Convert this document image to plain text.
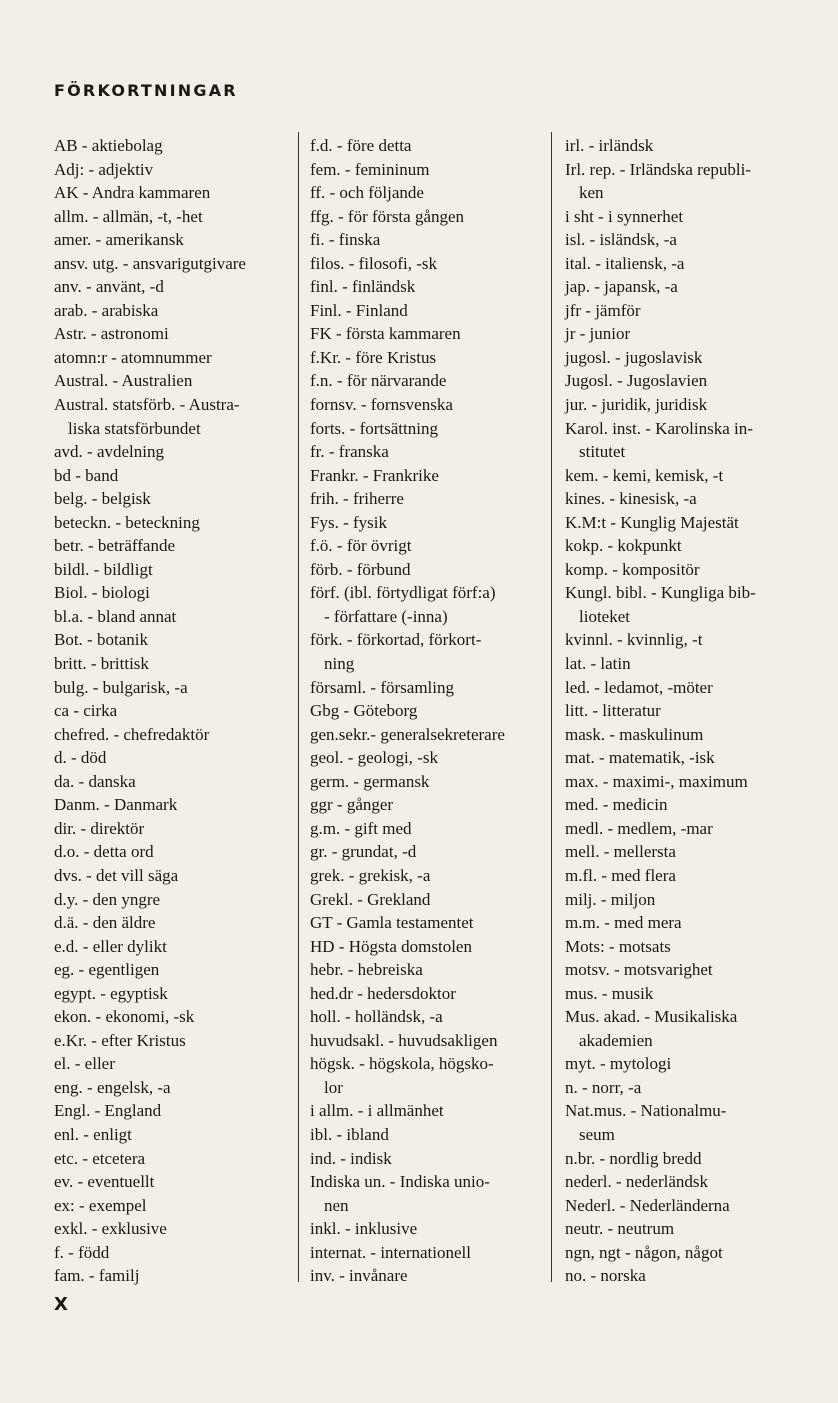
FÖRKORTNINGAR
AB - aktiebolag
Adj: - adjektiv
AK - Andra kammaren
allm. - allmän, -t, -het
amer. - amerikansk
ansv. utg. - ansvarigutgivare
anv. - använt, -d
arab. - arabiska
Astr. - astronomi
atomn:r - atomnummer
Austral. - Australien
Austral. statsförb. - Austra-
liska statsförbundet
avd. - avdelning
bd - band
belg. - belgisk
beteckn. - beteckning
betr. - beträffande
bildl. - bildligt
Biol. - biologi
bl.a. - bland annat
Bot. - botanik
britt. - brittisk
bulg. - bulgarisk, -a
ca - cirka
chefred. - chefredaktör
d. - död
da. - danska
Danm. - Danmark
dir. - direktör
d.o. - detta ord
dvs. - det vill säga
d.y. - den yngre
d.ä. - den äldre
e.d. - eller dylikt
eg. - egentligen
egypt. - egyptisk
ekon. - ekonomi, -sk
e.Kr. - efter Kristus
el. - eller
eng. - engelsk, -a
Engl. - England
enl. - enligt
etc. - etcetera
ev. - eventuellt
ex: - exempel
exkl. - exklusive
f. - född
fam. - familj
f.d. - före detta
fem. - femininum
ff. - och följande
ffg. - för första gången
fi. - finska
filos. - filosofi, -sk
finl. - finländsk
Finl. - Finland
FK - första kammaren
f.Kr. - före Kristus
f.n. - för närvarande
fornsv. - fornsvenska
forts. - fortsättning
fr. - franska
Frankr. - Frankrike
frih. - friherre
Fys. - fysik
f.ö. - för övrigt
förb. - förbund
förf. (ibl. förtydligat förf:a)
- författare (-inna)
förk. - förkortad, förkort-
ning
församl. - församling
Gbg - Göteborg
gen.sekr.- generalsekreterare
geol. - geologi, -sk
germ. - germansk
ggr - gånger
g.m. - gift med
gr. - grundat, -d
grek. - grekisk, -a
Grekl. - Grekland
GT - Gamla testamentet
HD - Högsta domstolen
hebr. - hebreiska
hed.dr - hedersdoktor
holl. - holländsk, -a
huvudsakl. - huvudsakligen
högsk. - högskola, högsko-
lor
i allm. - i allmänhet
ibl. - ibland
ind. - indisk
Indiska un. - Indiska unio-
nen
inkl. - inklusive
internat. - internationell
inv. - invånare
irl. - irländsk
Irl. rep. - Irländska republi-
ken
i sht - i synnerhet
isl. - isländsk, -a
ital. - italiensk, -a
jap. - japansk, -a
jfr - jämför
jr - junior
jugosl. - jugoslavisk
Jugosl. - Jugoslavien
jur. - juridik, juridisk
Karol. inst. - Karolinska in-
stitutet
kem. - kemi, kemisk, -t
kines. - kinesisk, -a
K.M:t - Kunglig Majestät
kokp. - kokpunkt
komp. - kompositör
Kungl. bibl. - Kungliga bib-
lioteket
kvinnl. - kvinnlig, -t
lat. - latin
led. - ledamot, -möter
litt. - litteratur
mask. - maskulinum
mat. - matematik, -isk
max. - maximi-, maximum
med. - medicin
medl. - medlem, -mar
mell. - mellersta
m.fl. - med flera
milj. - miljon
m.m. - med mera
Mots: - motsats
motsv. - motsvarighet
mus. - musik
Mus. akad. - Musikaliska
akademien
myt. - mytologi
n. - norr, -a
Nat.mus. - Nationalmu-
seum
n.br. - nordlig bredd
nederl. - nederländsk
Nederl. - Nederländerna
neutr. - neutrum
ngn, ngt - någon, något
no. - norska
X
